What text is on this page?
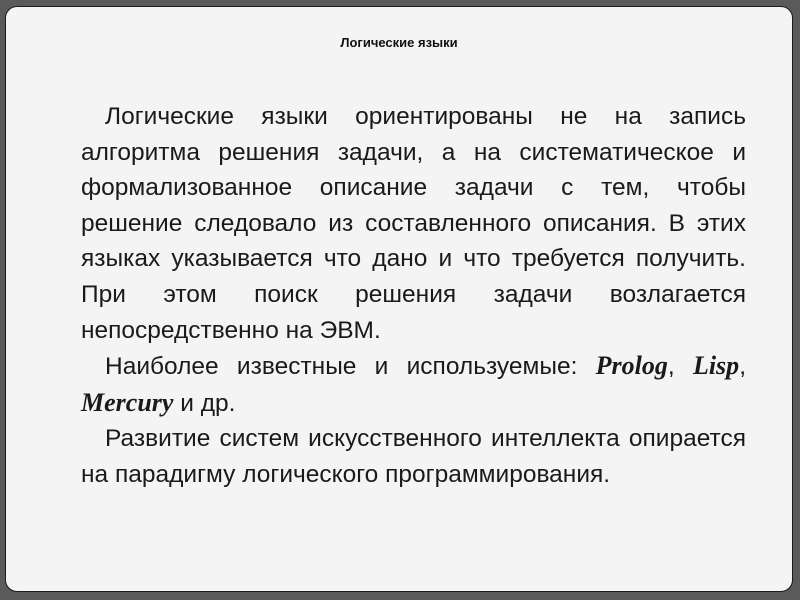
Логические языки

Логические языки ориентированы не на запись алгоритма решения задачи, а на систематическое и формализованное описание задачи с тем, чтобы решение следовало из составленного описания. В этих языках указывается что дано и что требуется получить. При этом поиск решения задачи возлагается непосредственно на ЭВМ.

Наиболее известные и используемые: Prolog, Lisp, Mercury и др.

Развитие систем искусственного интеллекта опирается на парадигму логического программирования.
